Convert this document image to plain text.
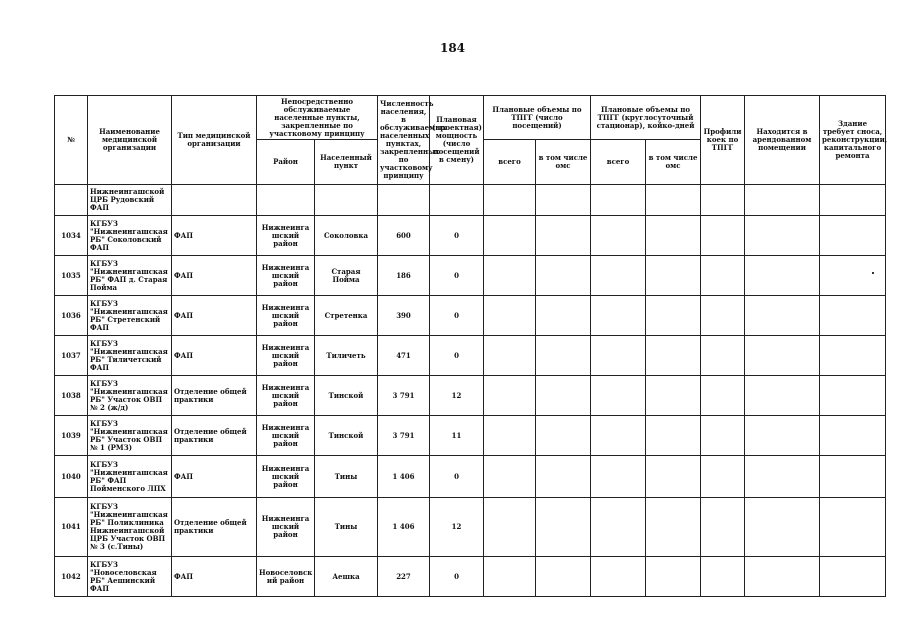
184
№	Наименование медицинской организации	Тип медицинской организации	Непосредственно обслуживаемые населенные пункты, закрепленные по участковому принципу		Численность населения, в обслуживаемых населенных пунктах, закрепленных по участковому принципу	Плановая (проектная) мощность (число посещений в смену)	Плановые объемы по ТПГГ (число посещений)		Плановые объемы по ТПГГ (круглосуточный стационар), койко-дней		Профили коек по ТПГГ	Находится в арендованном помещении	Здание требует сноса, реконструкции, капитального ремонта
			Район	Населенный пункт			всего	в том числе омс	всего	в том числе омс			
	Нижнеингашской ЦРБ Рудовский ФАП												
1034	КГБУЗ "Нижнеингашская РБ" Соколовский ФАП	ФАП	Нижнеинга шский район	Соколовка	600	0							
1035	КГБУЗ "Нижнеингашская РБ" ФАП д. Старая Пойма	ФАП	Нижнеинга шский район	Старая Пойма	186	0							
1036	КГБУЗ "Нижнеингашская РБ" Стретенский ФАП	ФАП	Нижнеинга шский район	Стретенка	390	0							
1037	КГБУЗ "Нижнеингашская РБ" Тиличетский ФАП	ФАП	Нижнеинга шский район	Тиличеть	471	0							
1038	КГБУЗ "Нижнеингашская РБ" Участок ОВП № 2 (ж/д)	Отделение общей практики	Нижнеинга шский район	Тинской	3 791	12							
1039	КГБУЗ "Нижнеингашская РБ" Участок ОВП № 1 (РМЗ)	Отделение общей практики	Нижнеинга шский район	Тинской	3 791	11							
1040	КГБУЗ "Нижнеингашская РБ" ФАП Пойменского ЛПХ	ФАП	Нижнеинга шский район	Тины	1 406	0							
1041	КГБУЗ "Нижнеингашская РБ" Поликлиника Нижнеингашской ЦРБ Участок ОВП № 3 (с.Тины)	Отделение общей практики	Нижнеинга шский район	Тины	1 406	12							
1042	КГБУЗ "Новоселовская РБ" Аешинский ФАП	ФАП	Новоселовск ий район	Аешка	227	0							
